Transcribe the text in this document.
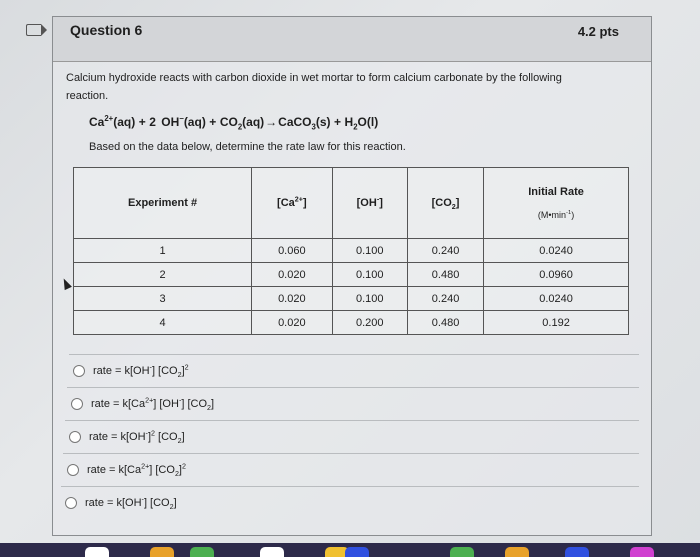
Question 6	4.2 pts
Calcium hydroxide reacts with carbon dioxide in wet mortar to form calcium carbonate by the following reaction.
$Ca^{2+}(aq) + 2$ $OH^-(aq) + CO_2(aq)\to CaCO_3(s) + H_2O(l)$
Based on the data below, determine the rate law for this reaction.
Experiment #	$[Ca^{2+}]$	[OH-]	$[CO_2]$	Initial Rate
$(M•\min^{-1})$

1	0.060	0.100	0.240	0.0240
2	0.020	0.100	0.480	0.0960
3	0.020	0.100	0.240	0.0240
4	0.020	0.200	0.480	0.192
rate = k[OH-] $[CO_2]^2$
rate = $k[Ca^{2+}]$ [OH-] $[CO_2]$
rate = $k[OH^-]^2$ $[CO_2]$
rate = $k[Ca^{2+}]$ $[CO_2]^2$
rate = k[OH-] $[CO_2]$
